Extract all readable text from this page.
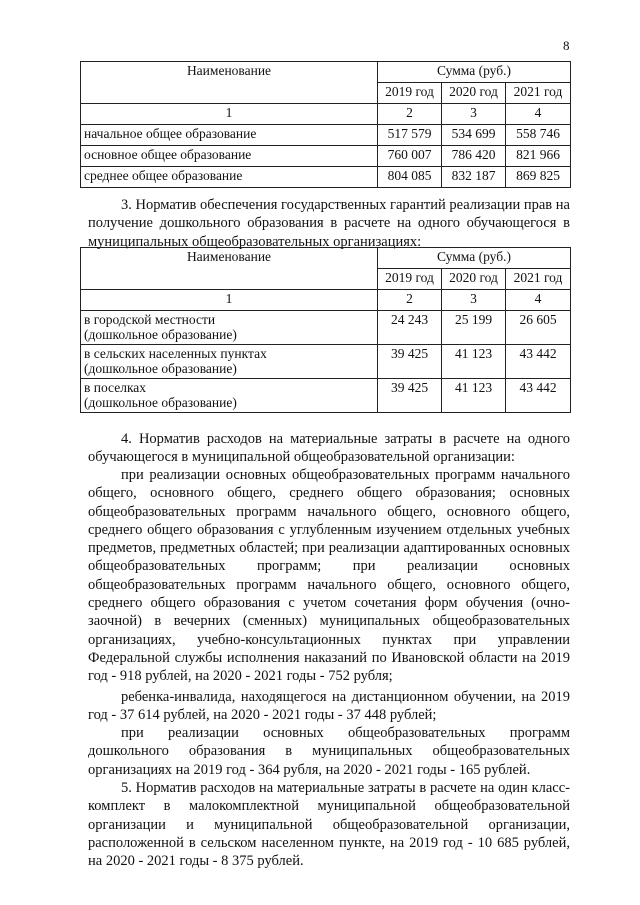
8
Наименование	Сумма (руб.)		
	2019 год	2020 год	2021 год
1	2	3	4
начальное общее образование	517 579	534 699	558 746
основное общее образование	760 007	786 420	821 966
среднее общее образование	804 085	832 187	869 825

3. Норматив обеспечения государственных гарантий реализации прав на получение дошкольного образования в расчете на одного обучающегося в муниципальных общеобразовательных организациях:

Наименование	Сумма (руб.)		
	2019 год	2020 год	2021 год
1	2	3	4

в городской местности
(дошкольное образование)	24 243	25 199	26 605

в сельских населенных пунктах
(дошкольное образование)	39 425	41 123	43 442

в поселках
(дошкольное образование)	39 425	41 123	43 442

4. Норматив расходов на материальные затраты в расчете на одного обучающегося в муниципальной общеобразовательной организации:

при реализации основных общеобразовательных программ начального общего, основного общего, среднего общего образования; основных общеобразовательных программ начального общего, основного общего, среднего общего образования с углубленным изучением отдельных учебных предметов, предметных областей; при реализации адаптированных основных общеобразовательных программ; при реализации основных общеобразовательных программ начального общего, основного общего, среднего общего образования с учетом сочетания форм обучения (очно-заочной) в вечерних (сменных) муниципальных общеобразовательных организациях, учебно-консультационных пунктах при управлении Федеральной службы исполнения наказаний по Ивановской области на 2019 год - 918 рублей, на 2020 - 2021 годы - 752 рубля;

ребенка-инвалида, находящегося на дистанционном обучении, на 2019 год - 37 614 рублей, на 2020 - 2021 годы - 37 448 рублей;

при реализации основных общеобразовательных программ дошкольного образования в муниципальных общеобразовательных организациях на 2019 год - 364 рубля, на 2020 - 2021 годы - 165 рублей.

5. Норматив расходов на материальные затраты в расчете на один класс-комплект в малокомплектной муниципальной общеобразовательной организации и муниципальной общеобразовательной организации, расположенной в сельском населенном пункте, на 2019 год - 10 685 рублей, на 2020 - 2021 годы - 8 375 рублей.
